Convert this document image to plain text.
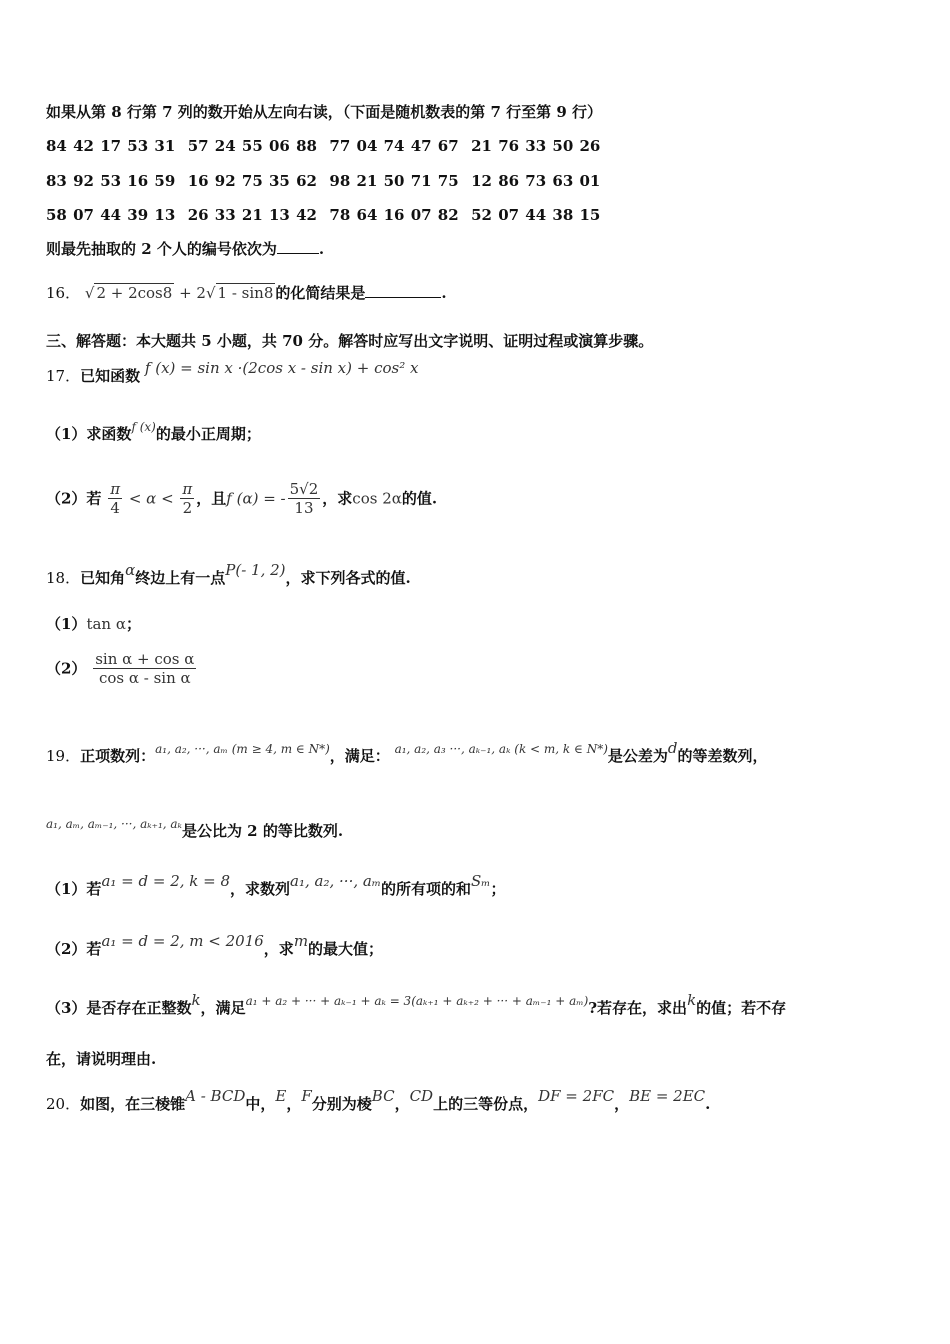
如果从第 8 行第 7 列的数开始从左向右读，（下面是随机数表的第 7 行至第 9 行）
84 42 17 53 31  57 24 55 06 88  77 04 74 47 67  21 76 33 50 26
83 92 53 16 59  16 92 75 35 62  98 21 50 71 75  12 86 73 63 01
58 07 44 39 13  26 33 21 13 42  78 64 16 07 82  52 07 44 38 15
则最先抽取的 2 个人的编号依次为	.
16． √ 2 + 2cos8 + 2√ 1 - sin8 的化简结果是	.
三、解答题：本大题共 5 小题，共 70 分。解答时应写出文字说明、证明过程或演算步骤。
17．已知函数 f (x) = sin x ·(2cos x - sin x) + cos² x
（1）求函数$^{f (x)}$的最小正周期；
（2）若 $\frac{\pi}{4} < \alpha < \frac{\pi}{2}$ ，且f (α) = - $\frac{5√2}{13}$ ，求cos 2α的值.
18．已知角α终边上有一点P(- 1, 2)，求下列各式的值.
（1）tan α；
$(2) \frac{\text{sin α + cos α}}{\text{cos α - sin α}}$
19．正项数列：$^{a_1, a_2, \cdot\cdot\cdot, a_m (m \ge 4, m \in N*)}$，满足： $^{a_1, a_2, a_3 \cdot\cdot\cdot, a_{k-1}, a_k (k < m, k \in N*)}$是公差为d的等差数列，
$^{a_1, a_m, a_{m-1}, \cdot\cdot\cdot, a_{k+1}, a_k}$是公比为 2 的等比数列.
（1）若a₁ = d = 2, k = 8，求数列a₁, a₂, ···, aₘ的所有项的和Sₘ；
（2）若a₁ = d = 2, m < 2016，求m的最大值；
（3）是否存在正整数k，满足$^{a_1 + a_2 + \cdot\cdot\cdot + a_{k-1} + a_k = 3(a_{k+1} + a_{k+2} + \cdot\cdot\cdot + a_{m-1} + a_m)}$?若存在，求出k的值；若不存
在，请说明理由.
20．如图，在三棱锥A - BCD中，E，F分别为棱BC，CD上的三等份点，DF = 2FC，BE = 2EC.
